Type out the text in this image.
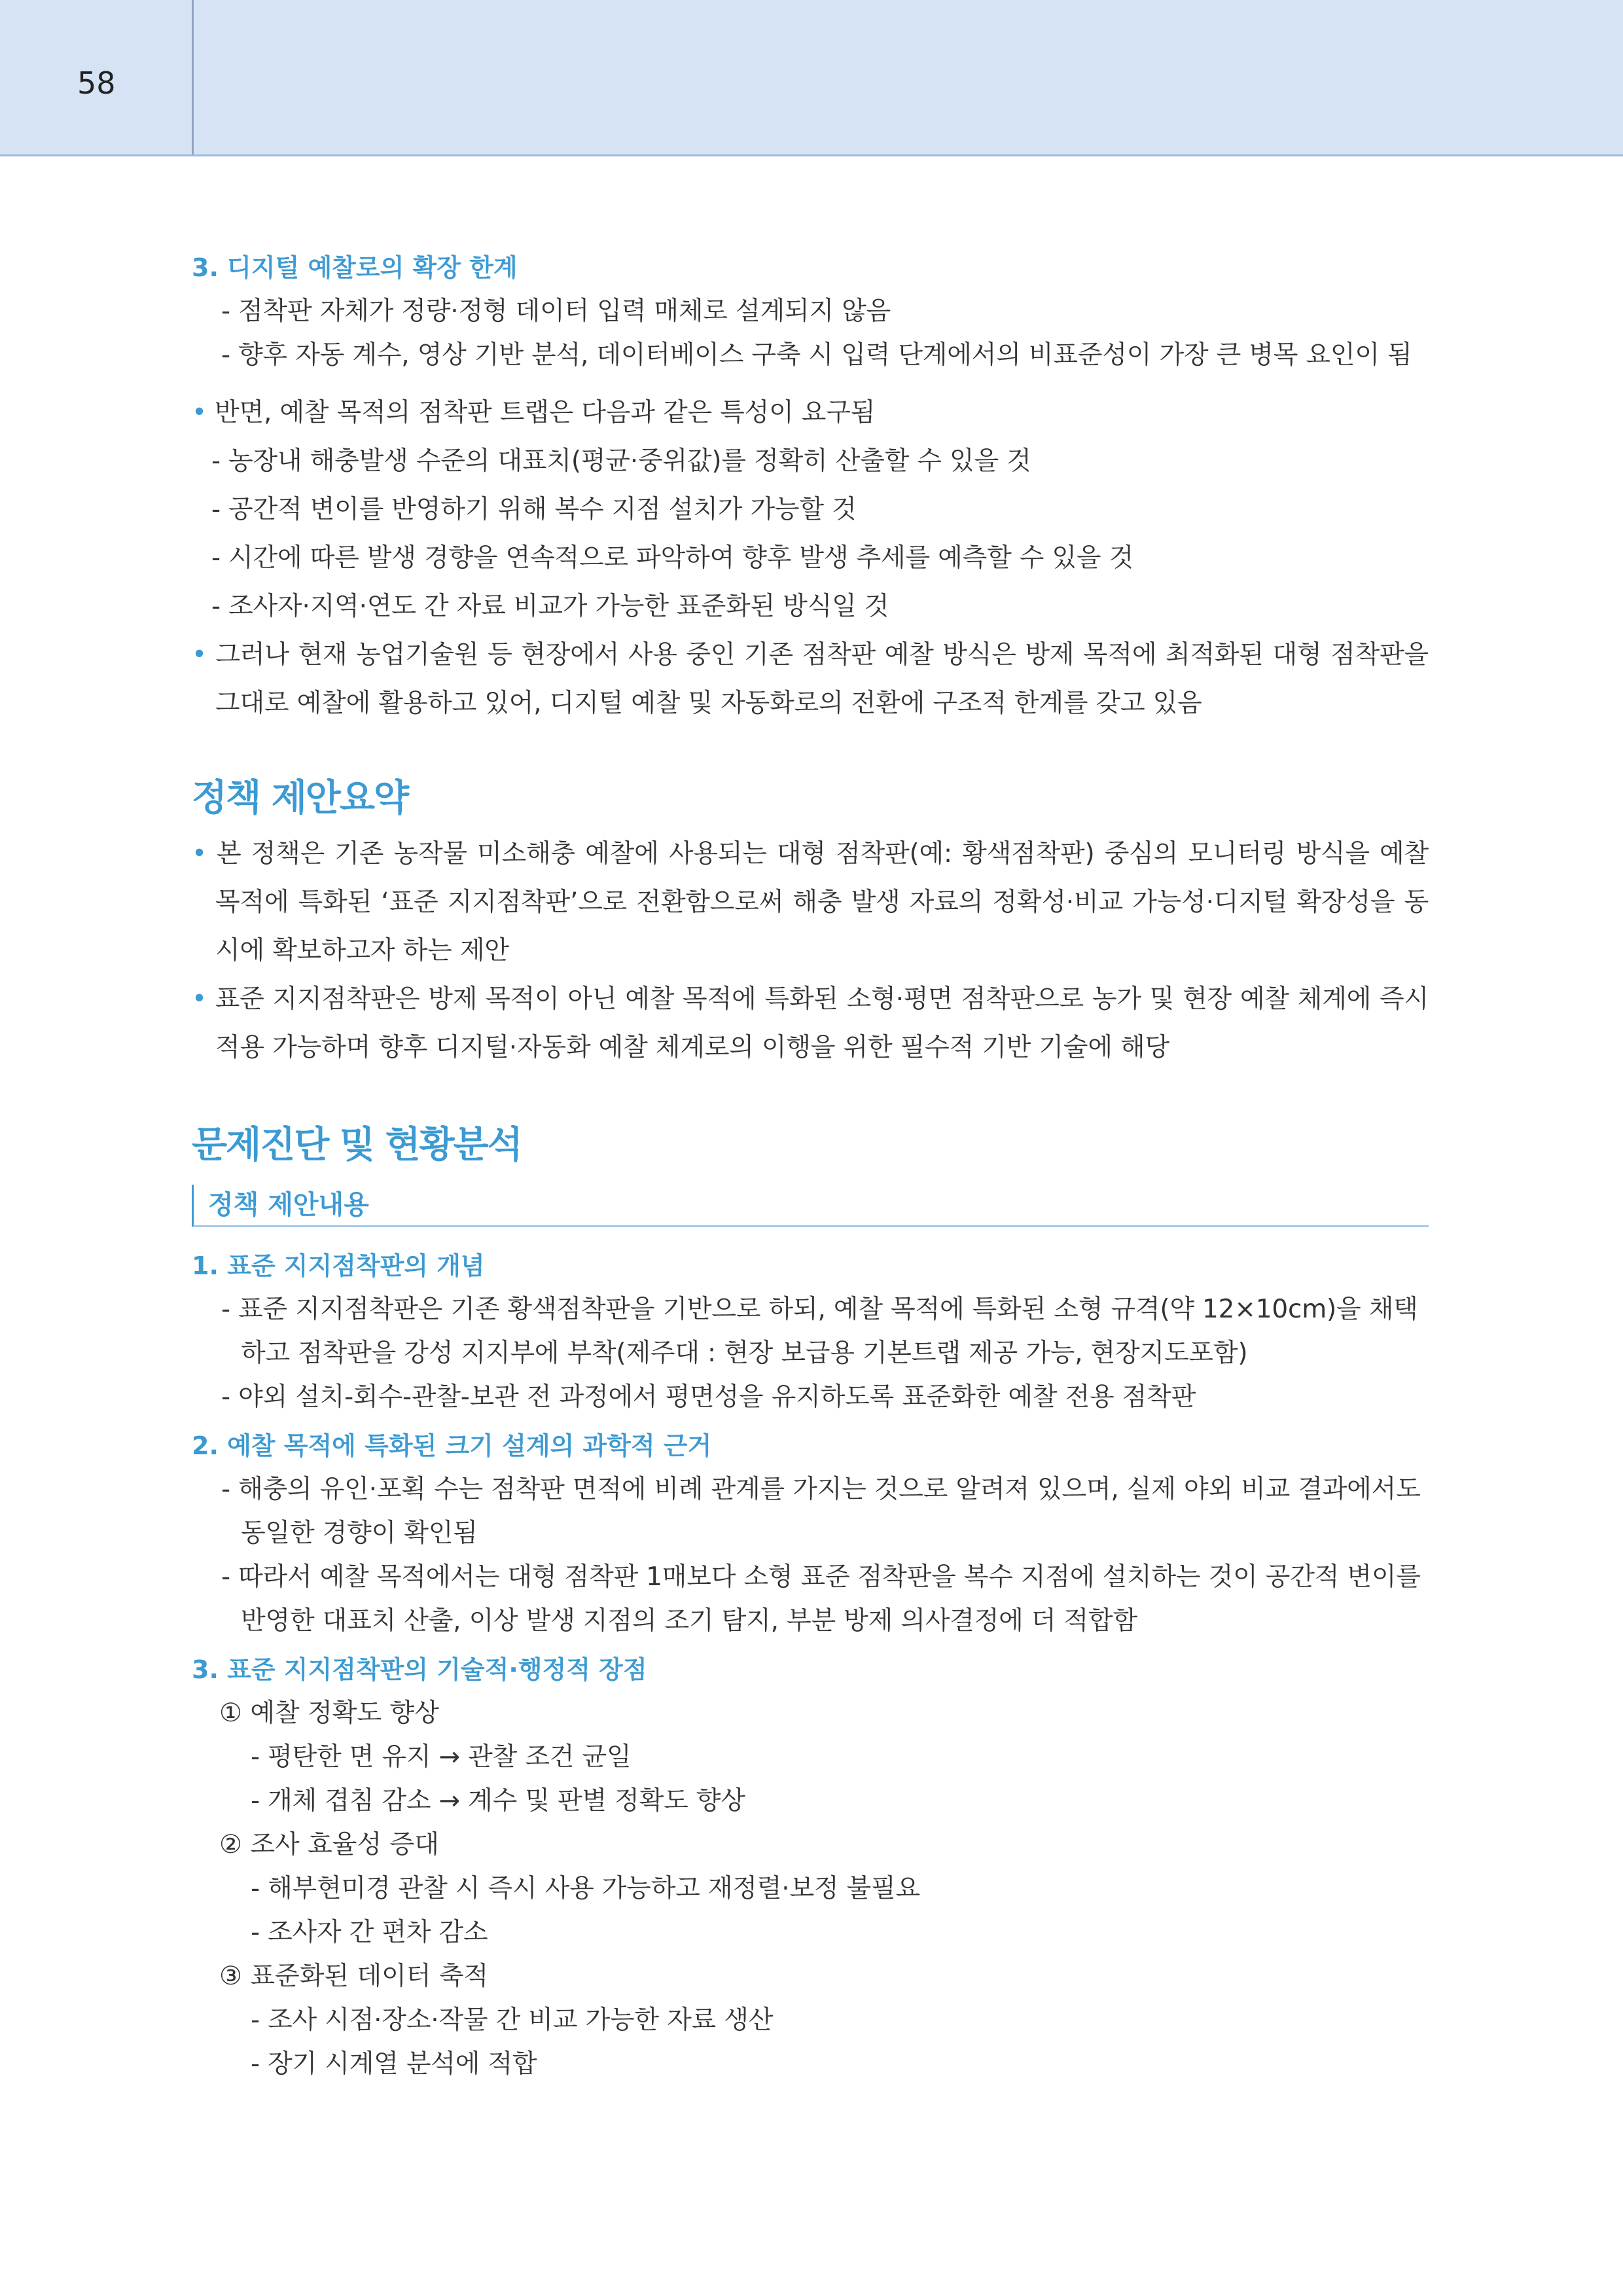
58
3. 디지털 예찰로의 확장 한계
- 점착판 자체가 정량·정형 데이터 입력 매체로 설계되지 않음
- 향후 자동 계수, 영상 기반 분석, 데이터베이스 구축 시 입력 단계에서의 비표준성이 가장 큰 병목 요인이 됨
• 반면, 예찰 목적의 점착판 트랩은 다음과 같은 특성이 요구됨
- 농장내 해충발생 수준의 대표치(평균·중위값)를 정확히 산출할 수 있을 것
- 공간적 변이를 반영하기 위해 복수 지점 설치가 가능할 것
- 시간에 따른 발생 경향을 연속적으로 파악하여 향후 발생 추세를 예측할 수 있을 것
- 조사자·지역·연도 간 자료 비교가 가능한 표준화된 방식일 것
• 그러나 현재 농업기술원 등 현장에서 사용 중인 기존 점착판 예찰 방식은 방제 목적에 최적화된 대형 점착판을 그대로 예찰에 활용하고 있어, 디지털 예찰 및 자동화로의 전환에 구조적 한계를 갖고 있음
정책 제안요약
• 본 정책은 기존 농작물 미소해충 예찰에 사용되는 대형 점착판(예: 황색점착판) 중심의 모니터링 방식을 예찰 목적에 특화된 ‘표준 지지점착판’으로 전환함으로써 해충 발생 자료의 정확성·비교 가능성·디지털 확장성을 동시에 확보하고자 하는 제안
• 표준 지지점착판은 방제 목적이 아닌 예찰 목적에 특화된 소형·평면 점착판으로 농가 및 현장 예찰 체계에 즉시 적용 가능하며 향후 디지털·자동화 예찰 체계로의 이행을 위한 필수적 기반 기술에 해당
문제진단 및 현황분석
정책 제안내용
1. 표준 지지점착판의 개념
- 표준 지지점착판은 기존 황색점착판을 기반으로 하되, 예찰 목적에 특화된 소형 규격(약 12×10cm)을 채택하고 점착판을 강성 지지부에 부착(제주대 : 현장 보급용 기본트랩 제공 가능, 현장지도포함)
- 야외 설치-회수-관찰-보관 전 과정에서 평면성을 유지하도록 표준화한 예찰 전용 점착판
2. 예찰 목적에 특화된 크기 설계의 과학적 근거
- 해충의 유인·포획 수는 점착판 면적에 비례 관계를 가지는 것으로 알려져 있으며, 실제 야외 비교 결과에서도 동일한 경향이 확인됨
- 따라서 예찰 목적에서는 대형 점착판 1매보다 소형 표준 점착판을 복수 지점에 설치하는 것이 공간적 변이를 반영한 대표치 산출, 이상 발생 지점의 조기 탐지, 부분 방제 의사결정에 더 적합함
3. 표준 지지점착판의 기술적·행정적 장점
① 예찰 정확도 향상
- 평탄한 면 유지 → 관찰 조건 균일
- 개체 겹침 감소 → 계수 및 판별 정확도 향상
② 조사 효율성 증대
- 해부현미경 관찰 시 즉시 사용 가능하고 재정렬·보정 불필요
- 조사자 간 편차 감소
③ 표준화된 데이터 축적
- 조사 시점·장소·작물 간 비교 가능한 자료 생산
- 장기 시계열 분석에 적합
